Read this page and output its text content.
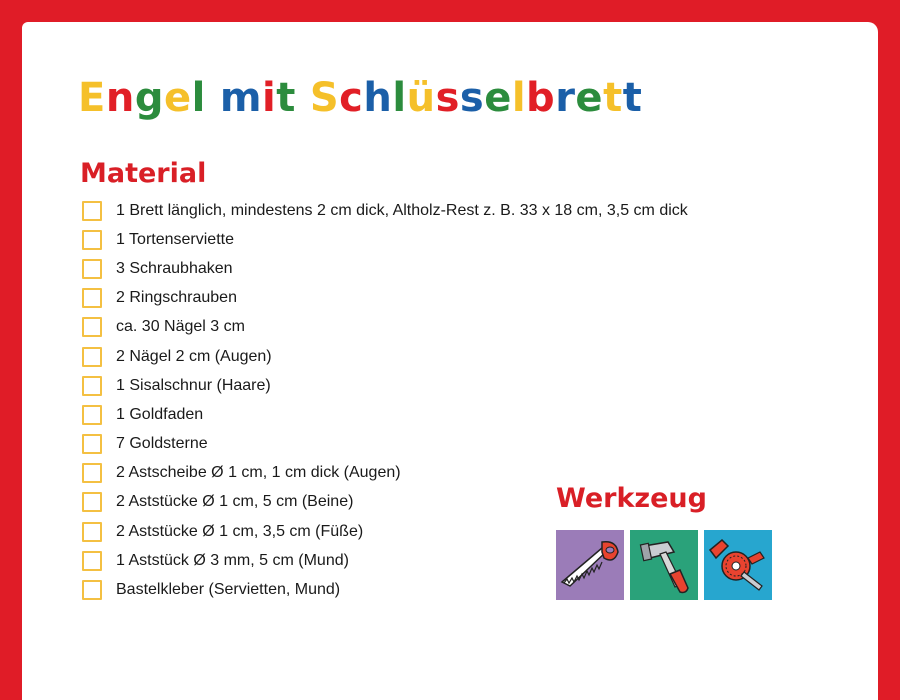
Engel mit Schlüsselbrett
Material
1 Brett länglich, mindestens 2 cm dick, Altholz-Rest z. B. 33 x 18 cm, 3,5 cm dick
1 Tortenserviette
3 Schraubhaken
2 Ringschrauben
ca. 30 Nägel 3 cm
2 Nägel 2 cm (Augen)
1 Sisalschnur (Haare)
1 Goldfaden
7 Goldsterne
2 Astscheibe Ø 1 cm, 1 cm dick (Augen)
2 Aststücke Ø 1 cm, 5 cm (Beine)
2 Aststücke Ø 1 cm, 3,5 cm (Füße)
1 Aststück Ø 3 mm, 5 cm (Mund)
Bastelkleber (Servietten, Mund)
Werkzeug
